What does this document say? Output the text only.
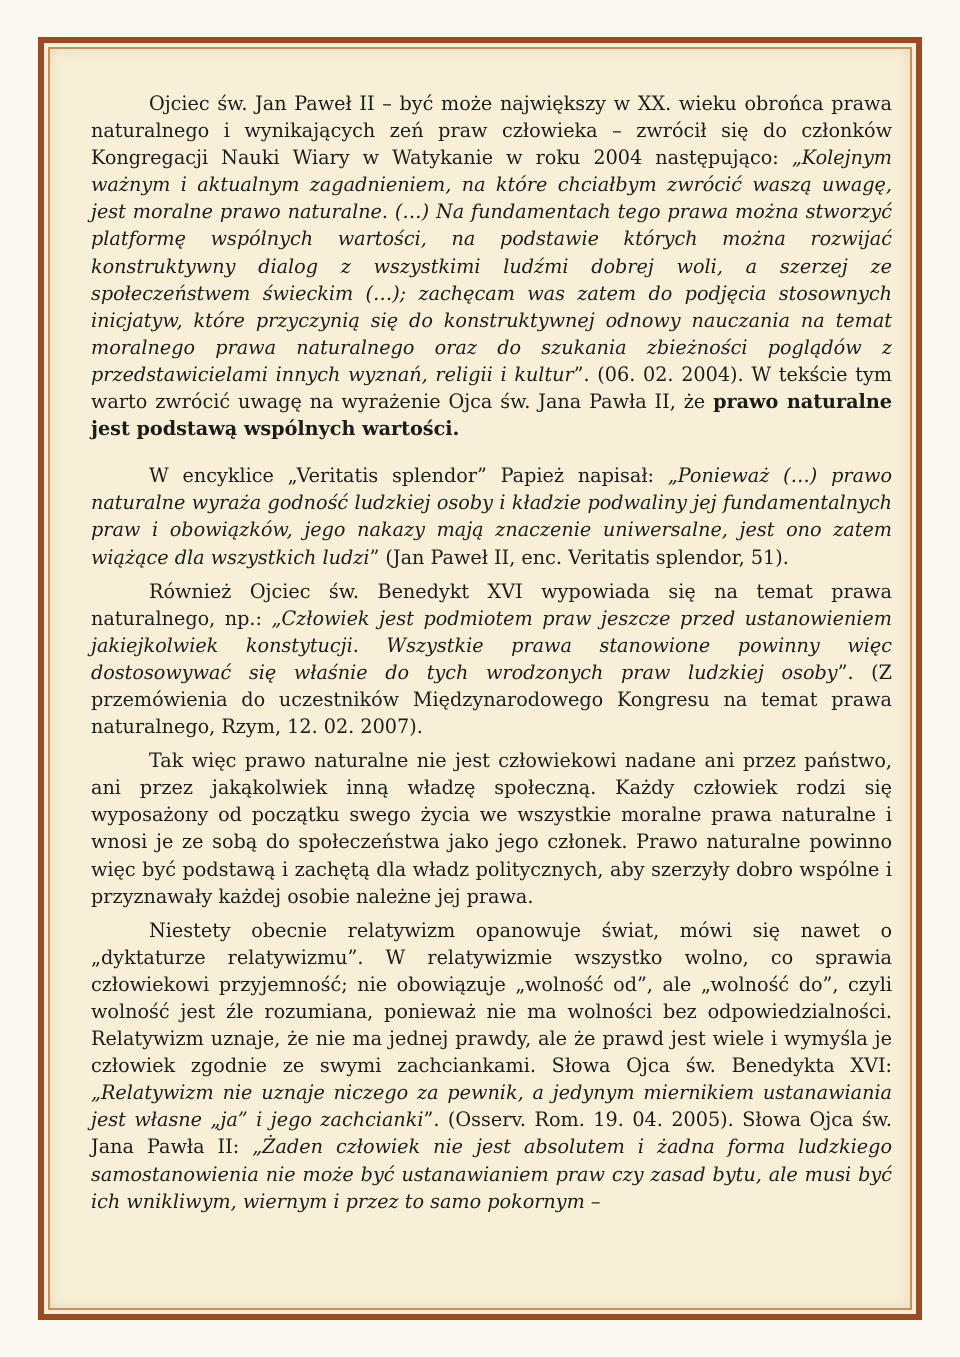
Ojciec św. Jan Paweł II – być może największy w XX. wieku obrońca prawa naturalnego i wynikających zeń praw człowieka – zwrócił się do członków Kongregacji Nauki Wiary w Watykanie w roku 2004 następująco: „Kolejnym ważnym i aktualnym zagadnieniem, na które chciałbym zwrócić waszą uwagę, jest moralne prawo naturalne. (…) Na fundamentach tego prawa można stworzyć platformę wspólnych wartości, na podstawie których można rozwijać konstruktywny dialog z wszystkimi ludźmi dobrej woli, a szerzej ze społeczeństwem świeckim (…); zachęcam was zatem do podjęcia stosownych inicjatyw, które przyczynią się do konstruktywnej odnowy nauczania na temat moralnego prawa naturalnego oraz do szukania zbieżności poglądów z przedstawicielami innych wyznań, religii i kultur”. (06. 02. 2004). W tekście tym warto zwrócić uwagę na wyrażenie Ojca św. Jana Pawła II, że prawo naturalne jest podstawą wspólnych wartości.

W encyklice „Veritatis splendor” Papież napisał: „Ponieważ (…) prawo naturalne wyraża godność ludzkiej osoby i kładzie podwaliny jej fundamentalnych praw i obowiązków, jego nakazy mają znaczenie uniwersalne, jest ono zatem wiążące dla wszystkich ludzi” (Jan Paweł II, enc. Veritatis splendor, 51).

Również Ojciec św. Benedykt XVI wypowiada się na temat prawa naturalnego, np.: „Człowiek jest podmiotem praw jeszcze przed ustanowieniem jakiejkolwiek konstytucji. Wszystkie prawa stanowione powinny więc dostosowywać się właśnie do tych wrodzonych praw ludzkiej osoby”. (Z przemówienia do uczestników Międzynarodowego Kongresu na temat prawa naturalnego, Rzym, 12. 02. 2007).

Tak więc prawo naturalne nie jest człowiekowi nadane ani przez państwo, ani przez jakąkolwiek inną władzę społeczną. Każdy człowiek rodzi się wyposażony od początku swego życia we wszystkie moralne prawa naturalne i wnosi je ze sobą do społeczeństwa jako jego członek. Prawo naturalne powinno więc być podstawą i zachętą dla władz politycznych, aby szerzyły dobro wspólne i przyznawały każdej osobie należne jej prawa.

Niestety obecnie relatywizm opanowuje świat, mówi się nawet o „dyktaturze relatywizmu”. W relatywizmie wszystko wolno, co sprawia człowiekowi przyjemność; nie obowiązuje „wolność od”, ale „wolność do”, czyli wolność jest źle rozumiana, ponieważ nie ma wolności bez odpowiedzialności. Relatywizm uznaje, że nie ma jednej prawdy, ale że prawd jest wiele i wymyśla je człowiek zgodnie ze swymi zachciankami. Słowa Ojca św. Benedykta XVI: „Relatywizm nie uznaje niczego za pewnik, a jedynym miernikiem ustanawiania jest własne „ja” i jego zachcianki”. (Osserv. Rom. 19. 04. 2005). Słowa Ojca św. Jana Pawła II: „Żaden człowiek nie jest absolutem i żadna forma ludzkiego samostanowienia nie może być ustanawianiem praw czy zasad bytu, ale musi być ich wnikliwym, wiernym i przez to samo pokornym –
